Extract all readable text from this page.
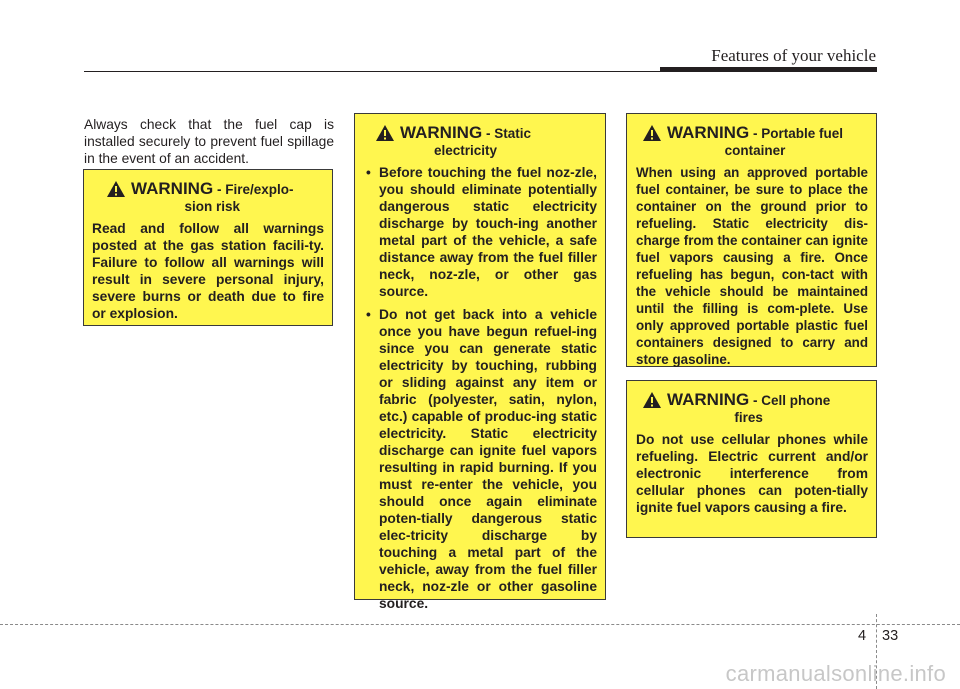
Features of your vehicle

Always check that the fuel cap is installed securely to prevent fuel spillage in the event of an accident.

WARNING - Fire/explo-
sion risk
Read and follow all warnings posted at the gas station facili-ty. Failure to follow all warnings will result in severe personal injury, severe burns or death due to fire or explosion.
WARNING - Static
electricity
• Before touching the fuel noz-zle, you should eliminate potentially dangerous static electricity discharge by touch-ing another metal part of the vehicle, a safe distance away from the fuel filler neck, noz-zle, or other gas source.
• Do not get back into a vehicle once you have begun refuel-ing since you can generate static electricity by touching, rubbing or sliding against any item or fabric (polyester, satin, nylon, etc.) capable of produc-ing static electricity. Static electricity discharge can ignite fuel vapors resulting in rapid burning. If you must re-enter the vehicle, you should once again eliminate poten-tially dangerous static elec-tricity discharge by touching a metal part of the vehicle, away from the fuel filler neck, noz-zle or other gasoline source.
WARNING - Portable fuel
container
When using an approved portable fuel container, be sure to place the container on the ground prior to refueling. Static electricity dis-charge from the container can ignite fuel vapors causing a fire. Once refueling has begun, con-tact with the vehicle should be maintained until the filling is com-plete. Use only approved portable plastic fuel containers designed to carry and store gasoline.
WARNING - Cell phone
fires
Do not use cellular phones while refueling. Electric current and/or electronic interference from cellular phones can poten-tially ignite fuel vapors causing a fire.
4 33
carmanualsonline.info
